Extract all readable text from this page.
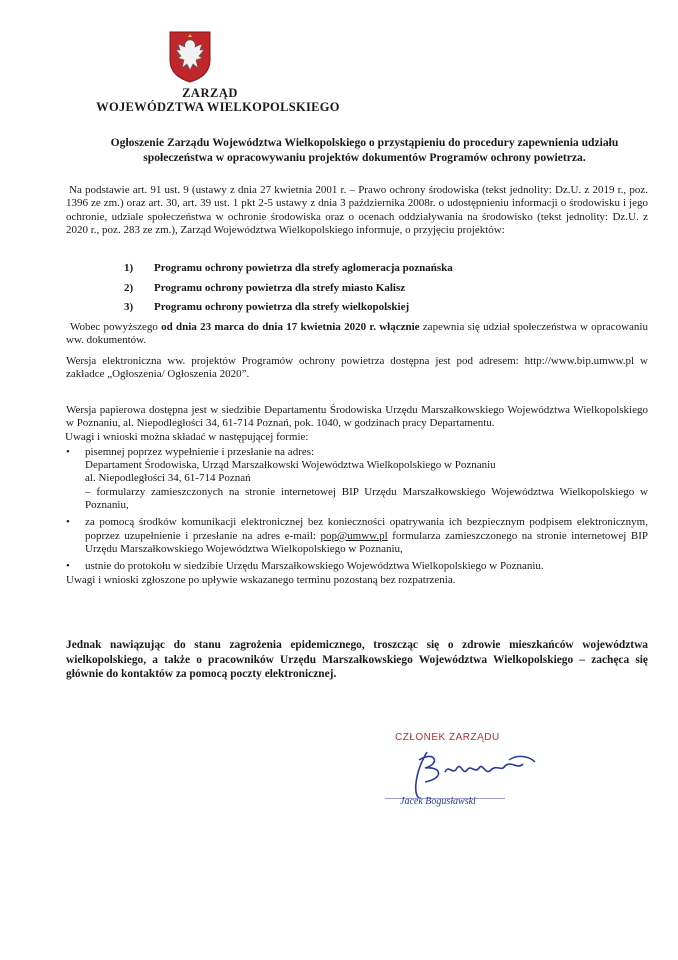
ZARZĄD
WOJEWÓDZTWA WIELKOPOLSKIEGO
Ogłoszenie Zarządu Województwa Wielkopolskiego o przystąpieniu do procedury zapewnienia udziału społeczeństwa w opracowywaniu projektów dokumentów Programów ochrony powietrza.
Na podstawie art. 91 ust. 9 (ustawy z dnia 27 kwietnia 2001 r. – Prawo ochrony środowiska (tekst jednolity: Dz.U. z 2019 r., poz. 1396 ze zm.) oraz art. 30, art. 39 ust. 1 pkt 2-5 ustawy z dnia 3 października 2008r. o udostępnieniu informacji o środowisku i jego ochronie, udziale społeczeństwa w ochronie środowiska oraz o ocenach oddziaływania na środowisko (tekst jednolity: Dz.U. z 2020 r., poz. 283 ze zm.), Zarząd Województwa Wielkopolskiego informuje, o przyjęciu projektów:
1) Programu ochrony powietrza dla strefy aglomeracja poznańska
2) Programu ochrony powietrza dla strefy miasto Kalisz
3) Programu ochrony powietrza dla strefy wielkopolskiej
Wobec powyższego od dnia 23 marca do dnia 17 kwietnia 2020 r. włącznie zapewnia się udział społeczeństwa w opracowaniu ww. dokumentów.
Wersja elektroniczna ww. projektów Programów ochrony powietrza dostępna jest pod adresem: http://www.bip.umww.pl w zakładce „Ogłoszenia/ Ogłoszenia 2020”.
Wersja papierowa dostępna jest w siedzibie Departamentu Środowiska Urzędu Marszałkowskiego Województwa Wielkopolskiego w Poznaniu, al. Niepodległości 34, 61-714 Poznań, pok. 1040, w godzinach pracy Departamentu.
Uwagi i wnioski można składać w następującej formie:
• pisemnej poprzez wypełnienie i przesłanie na adres:
Departament Środowiska, Urząd Marszałkowski Województwa Wielkopolskiego w Poznaniu
al. Niepodległości 34, 61-714 Poznań
– formularzy zamieszczonych na stronie internetowej BIP Urzędu Marszałkowskiego Województwa Wielkopolskiego w Poznaniu,
• za pomocą środków komunikacji elektronicznej bez konieczności opatrywania ich bezpiecznym podpisem elektronicznym, poprzez uzupełnienie i przesłanie na adres e-mail: pop@umww.pl formularza zamieszczonego na stronie internetowej BIP Urzędu Marszałkowskiego Województwa Wielkopolskiego w Poznaniu,
• ustnie do protokołu w siedzibie Urzędu Marszałkowskiego Województwa Wielkopolskiego w Poznaniu.
Uwagi i wnioski zgłoszone po upływie wskazanego terminu pozostaną bez rozpatrzenia.
Jednak nawiązując do stanu zagrożenia epidemicznego, troszcząc się o zdrowie mieszkańców województwa wielkopolskiego, a także o pracowników Urzędu Marszałkowskiego Województwa Wielkopolskiego – zachęca się głównie do kontaktów za pomocą poczty elektronicznej.
CZŁONEK ZARZĄDU
Jacek Bogusławski
